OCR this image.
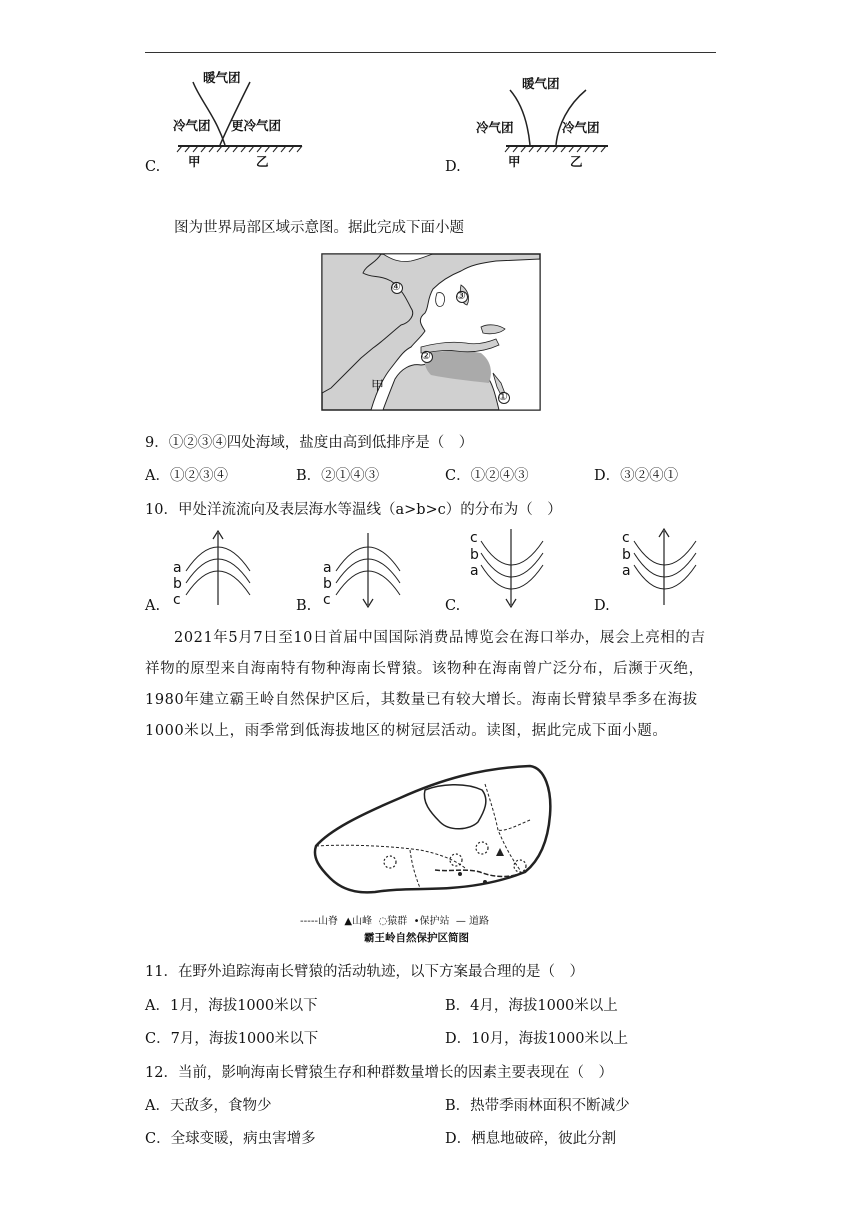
暖气团
冷气团 更冷气团
甲	乙
C.
暖气团
冷气团	冷气团
甲	乙
D.
图为世界局部区域示意图。据此完成下面小题
④
③
②
①
甲
9．①②③④四处海域，盐度由高到低排序是（　）
A．①②③④	B．②①④③	C．①②④③	D．③②④①
10．甲处洋流流向及表层海水等温线（a>b>c）的分布为（　）
A.
a
b
c	B.
a
b
c	C.
c
b
a
D.
c
b
a
2021年5月7日至10日首届中国国际消费品博览会在海口举办，展会上亮相的吉祥物的原型来自海南特有物种海南长臂猿。该物种在海南曾广泛分布，后濒于灭绝，1980年建立霸王岭自然保护区后，其数量已有较大增长。海南长臂猿旱季多在海拔1000米以上，雨季常到低海拔地区的树冠层活动。读图，据此完成下面小题。
-----山脊 ▲山峰 ◌猿群 •保护站 — 道路
霸王岭自然保护区简图
11．在野外追踪海南长臂猿的活动轨迹，以下方案最合理的是（　）
A．1月，海拔1000米以下	B．4月，海拔1000米以上
C．7月，海拔1000米以下	D．10月，海拔1000米以上
12．当前，影响海南长臂猿生存和种群数量增长的因素主要表现在（　）
A．天敌多，食物少	B．热带季雨林面积不断减少
C．全球变暖，病虫害增多	D．栖息地破碎，彼此分割
